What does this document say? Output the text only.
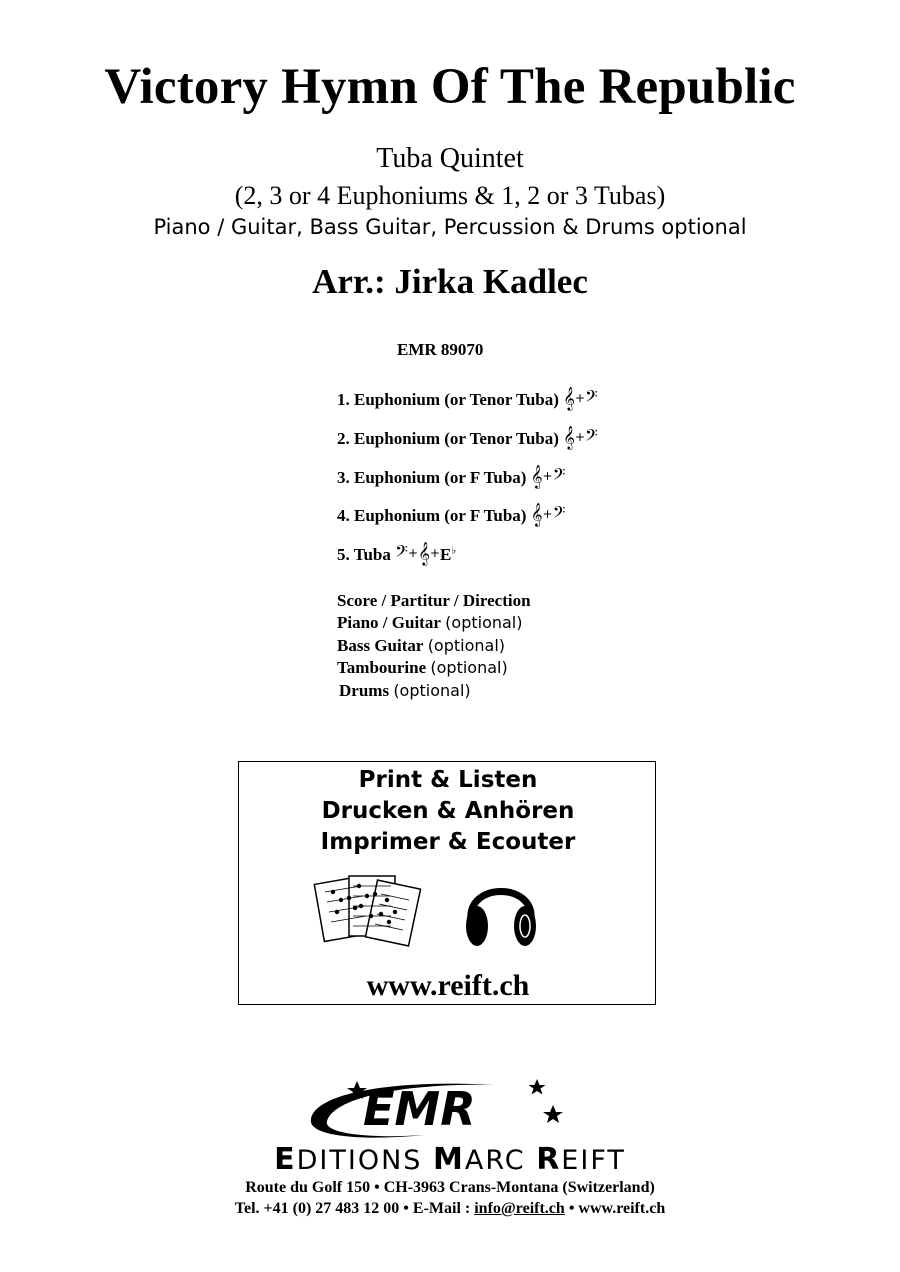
Victory Hymn Of The Republic
Tuba Quintet
(2, 3 or 4 Euphoniums & 1, 2 or 3 Tubas)
Piano / Guitar, Bass Guitar, Percussion & Drums optional
Arr.: Jirka Kadlec
EMR 89070
1. Euphonium (or Tenor Tuba) 𝄞+𝄢
2. Euphonium (or Tenor Tuba) 𝄞+𝄢
3. Euphonium (or F Tuba) 𝄞+𝄢
4. Euphonium (or F Tuba) 𝄞+𝄢
5. Tuba 𝄢+𝄞+E♭
Score / Partitur / Direction
Piano / Guitar (optional)
Bass Guitar (optional)
Tambourine (optional)
Drums (optional)
Print & Listen
Drucken & Anhören
Imprimer & Ecouter
www.reift.ch
EMR
EDITIONS MARC REIFT
Route du Golf 150 • CH-3963 Crans-Montana (Switzerland)
Tel. +41 (0) 27 483 12 00 • E-Mail : info@reift.ch • www.reift.ch
